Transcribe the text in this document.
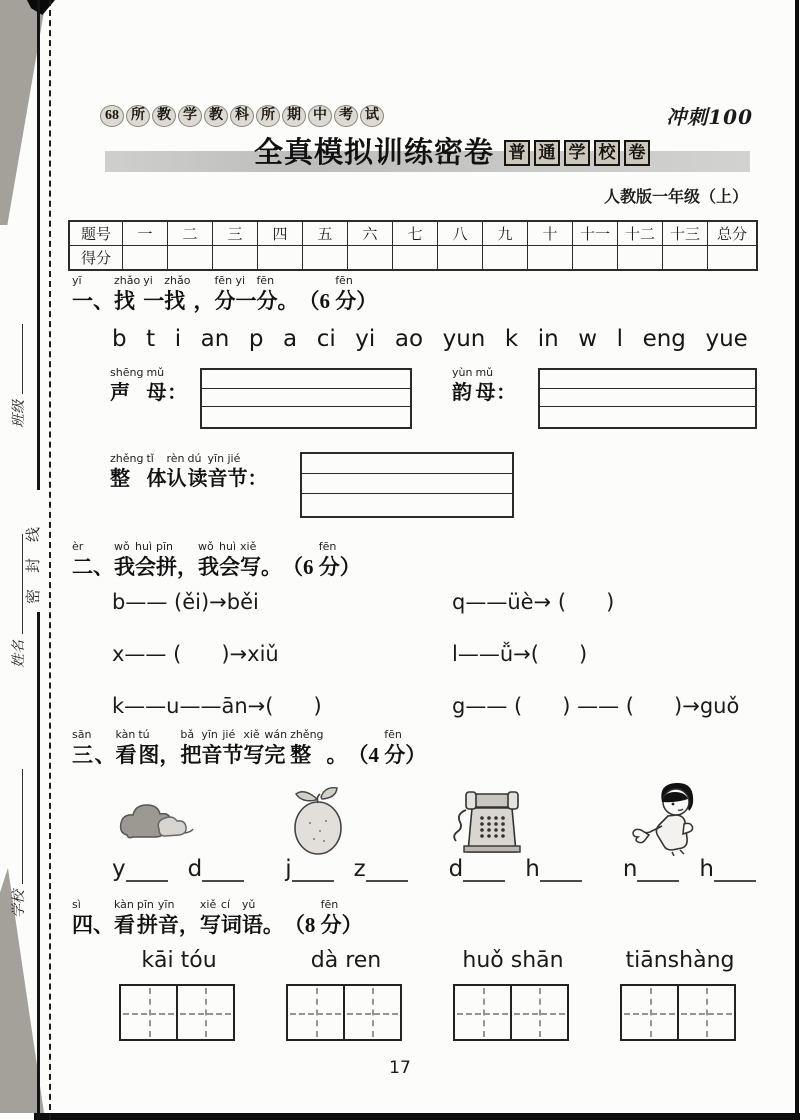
班级
密封线
姓名
学校
68 所 教 学 教 科 所 期 中 考 试	冲刺100
全真模拟训练密卷 普 通 学 校 卷
人教版一年级（上）
题号	一	二	三	四	五	六	七	八	九	十	十一	十二	十三	总分
得分														
yī
一 、
zhǎo
找
yi
一
zhǎo
找 ，
fēn
分
yi
一
fēn
分 。 （ 6
fēn
分 ）
b t i an p a ci yi ao yun k in w l eng yue
shēng
声
mǔ
母 ：
yùn
韵
mǔ
母 ：
zhěng
整
tǐ
体
rèn
认
dú
读
yīn
音
jié
节 ：
èr
二 、
wǒ
我
huì
会
pīn
拼 ，
wǒ
我
huì
会
xiě
写 。 （ 6
fēn
分 ）
b—— (ěi)→běi	q——üè→ (      )
x—— (      )→xiǔ	l——ǚ→(      )
k——u——ān→(      )	g—— (      ) —— (      )→guǒ
sān
三 、
kàn
看
tú
图 ，
bǎ
把
yīn
音
jié
节
xiě
写
wán
完
zhěng
整 。 （ 4
fēn
分 ）
y	d	j	z	d	h	n	h
sì
四 、
kàn
看
pīn
拼
yīn
音 ，
xiě
写
cí
词
yǔ
语 。 （ 8
fēn
分 ）
kāi tóu	dà ren	huǒ shān	tiānshàng
17
